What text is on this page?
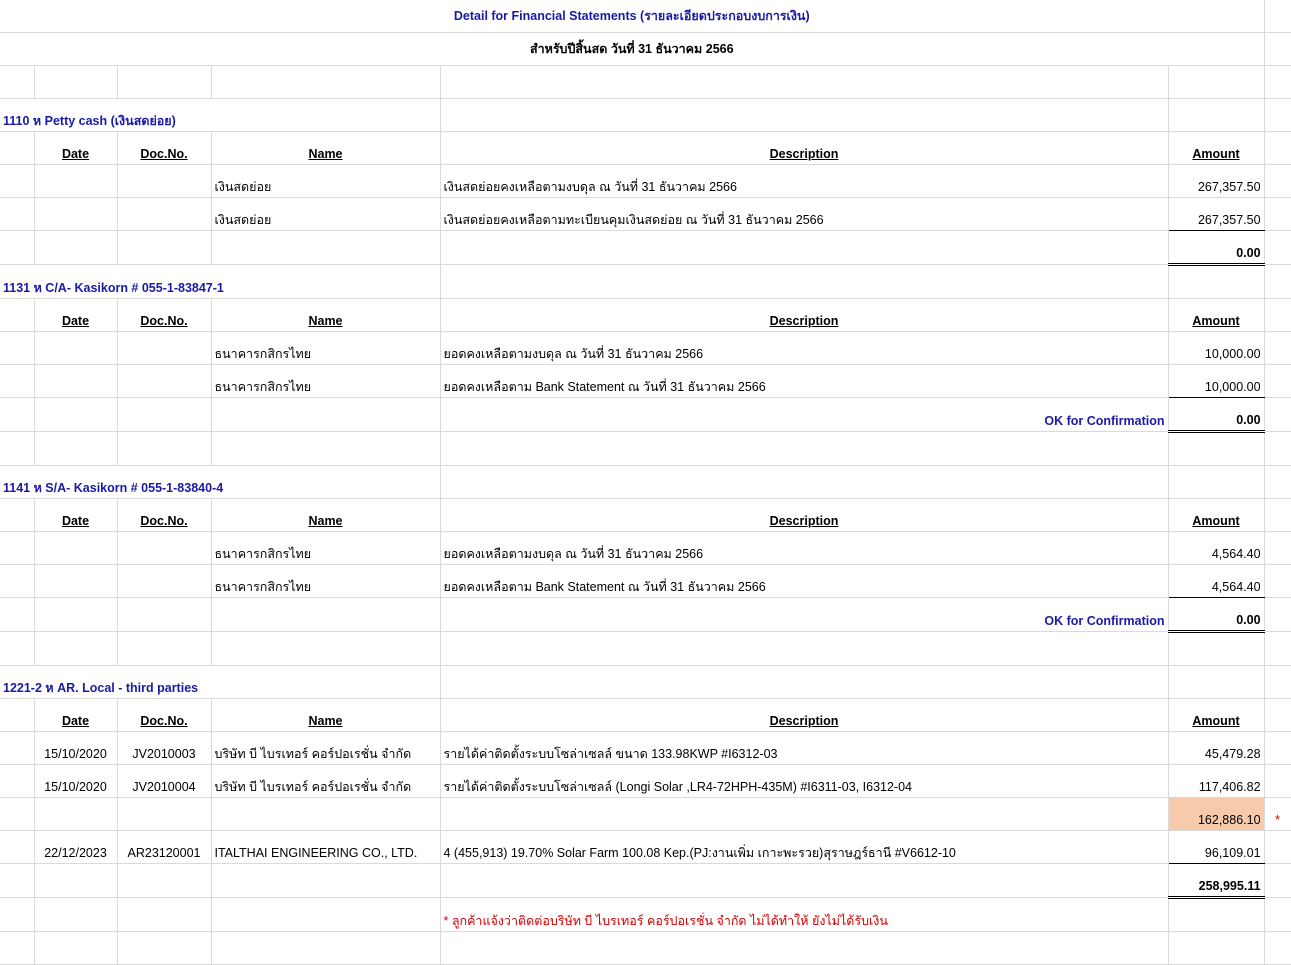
Detail for Financial Statements (รายละเอียดประกอบงบการเงิน)						
สำหรับปีสิ้นสด วันที่ 31 ธันวาคม 2566						

1110 ห Petty cash (เงินสดย่อย)						
	Date	Doc.No.	Name	Description	Amount	
			เงินสดย่อย	เงินสดย่อยคงเหลือตามงบดุล ณ วันที่ 31 ธันวาคม 2566	267,357.50	
			เงินสดย่อย	เงินสดย่อยคงเหลือตามทะเบียนคุมเงินสดย่อย ณ วันที่ 31 ธันวาคม 2566	267,357.50	
					0.00	
1131 ห C/A- Kasikorn # 055-1-83847-1						
	Date	Doc.No.	Name	Description	Amount	
			ธนาคารกสิกรไทย	ยอดคงเหลือตามงบดุล ณ วันที่ 31 ธันวาคม 2566	10,000.00	
			ธนาคารกสิกรไทย	ยอดคงเหลือตาม Bank Statement ณ วันที่ 31 ธันวาคม 2566	10,000.00	
				OK for Confirmation	0.00	

1141 ห S/A- Kasikorn # 055-1-83840-4						
	Date	Doc.No.	Name	Description	Amount	
			ธนาคารกสิกรไทย	ยอดคงเหลือตามงบดุล ณ วันที่ 31 ธันวาคม 2566	4,564.40	
			ธนาคารกสิกรไทย	ยอดคงเหลือตาม Bank Statement ณ วันที่ 31 ธันวาคม 2566	4,564.40	
				OK for Confirmation	0.00	

1221-2 ห AR. Local - third parties						
	Date	Doc.No.	Name	Description	Amount	
	15/10/2020	JV2010003	บริษัท บี ไบรเทอร์ คอร์ปอเรชั่น จำกัด	รายได้ค่าติดตั้งระบบโซล่าเซลล์ ขนาด 133.98KWP #I6312-03	45,479.28	
	15/10/2020	JV2010004	บริษัท บี ไบรเทอร์ คอร์ปอเรชั่น จำกัด	รายได้ค่าติดตั้งระบบโซล่าเซลล์ (Longi Solar ,LR4-72HPH-435M) #I6311-03, I6312-04	117,406.82	
					162,886.10	*
	22/12/2023	AR23120001	ITALTHAI ENGINEERING CO., LTD.	4 (455,913) 19.70% Solar Farm 100.08 Kep.(PJ:งานเพิ่ม เกาะพะรวย)สุราษฎร์ธานี #V6612-10	96,109.01	
					258,995.11	
				* ลูกค้าแจ้งว่าติดต่อบริษัท บี ไบรเทอร์ คอร์ปอเรชั่น จำกัด ไม่ได้ทำให้ ยังไม่ได้รับเงิน		
